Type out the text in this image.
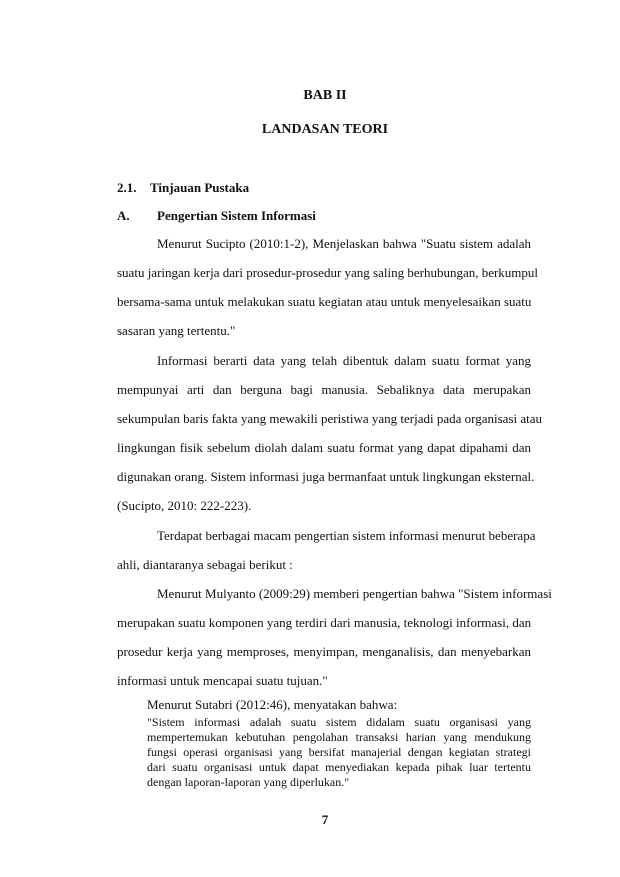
BAB II
LANDASAN TEORI
2.1. Tinjauan Pustaka
A. Pengertian Sistem Informasi
Menurut Sucipto (2010:1-2), Menjelaskan bahwa "Suatu sistem adalah
suatu jaringan kerja dari prosedur-prosedur yang saling berhubungan, berkumpul
bersama-sama untuk melakukan suatu kegiatan atau untuk menyelesaikan suatu
sasaran yang tertentu."
Informasi berarti data yang telah dibentuk dalam suatu format yang
mempunyai arti dan berguna bagi manusia. Sebaliknya data merupakan
sekumpulan baris fakta yang mewakili peristiwa yang terjadi pada organisasi atau
lingkungan fisik sebelum diolah dalam suatu format yang dapat dipahami dan
digunakan orang. Sistem informasi juga bermanfaat untuk lingkungan eksternal.
(Sucipto, 2010: 222-223).
Terdapat berbagai macam pengertian sistem informasi menurut beberapa
ahli, diantaranya sebagai berikut :
Menurut Mulyanto (2009:29) memberi pengertian bahwa "Sistem informasi
merupakan suatu komponen yang terdiri dari manusia, teknologi informasi, dan
prosedur kerja yang memproses, menyimpan, menganalisis, dan menyebarkan
informasi untuk mencapai suatu tujuan."
Menurut Sutabri (2012:46), menyatakan bahwa:
"Sistem informasi adalah suatu sistem didalam suatu organisasi yang
mempertemukan kebutuhan pengolahan transaksi harian yang mendukung
fungsi operasi organisasi yang bersifat manajerial dengan kegiatan strategi
dari suatu organisasi untuk dapat menyediakan kepada pihak luar tertentu
dengan laporan-laporan yang diperlukan."
7
